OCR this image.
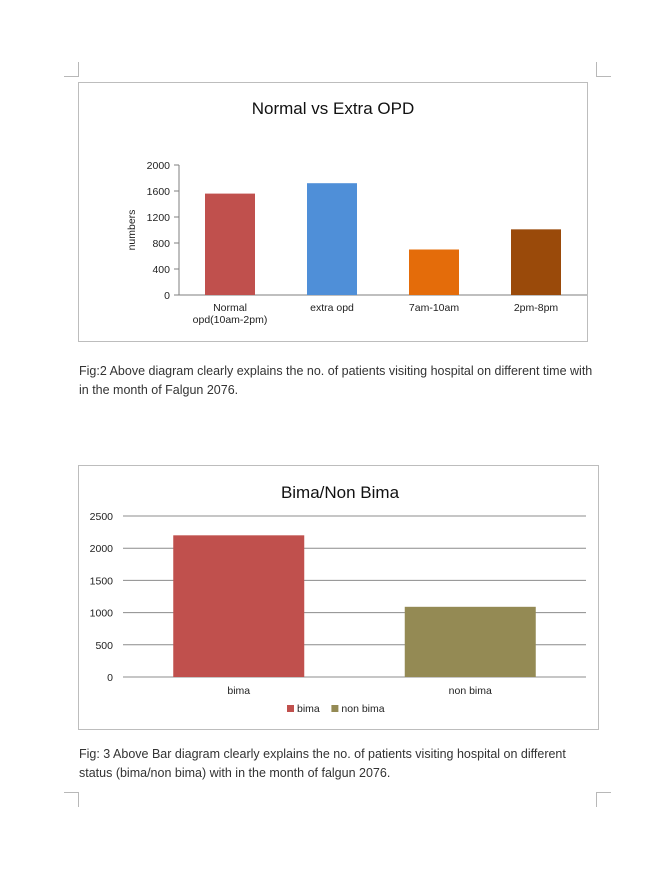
Normal vs Extra OPD
0
400
800
1200
1600
2000
numbers
Normal opd(10am-2pm)
extra opd	7am-10am	2pm-8pm
Fig:2 Above diagram clearly explains the no. of patients visiting hospital on different time with in the month of Falgun 2076.
Bima/Non Bima
0
500
1000
1500
2000
2500
bima	non bima
bima non bima
Fig: 3 Above Bar diagram clearly explains the no. of patients visiting hospital on different status (bima/non bima) with in the month of falgun 2076.
